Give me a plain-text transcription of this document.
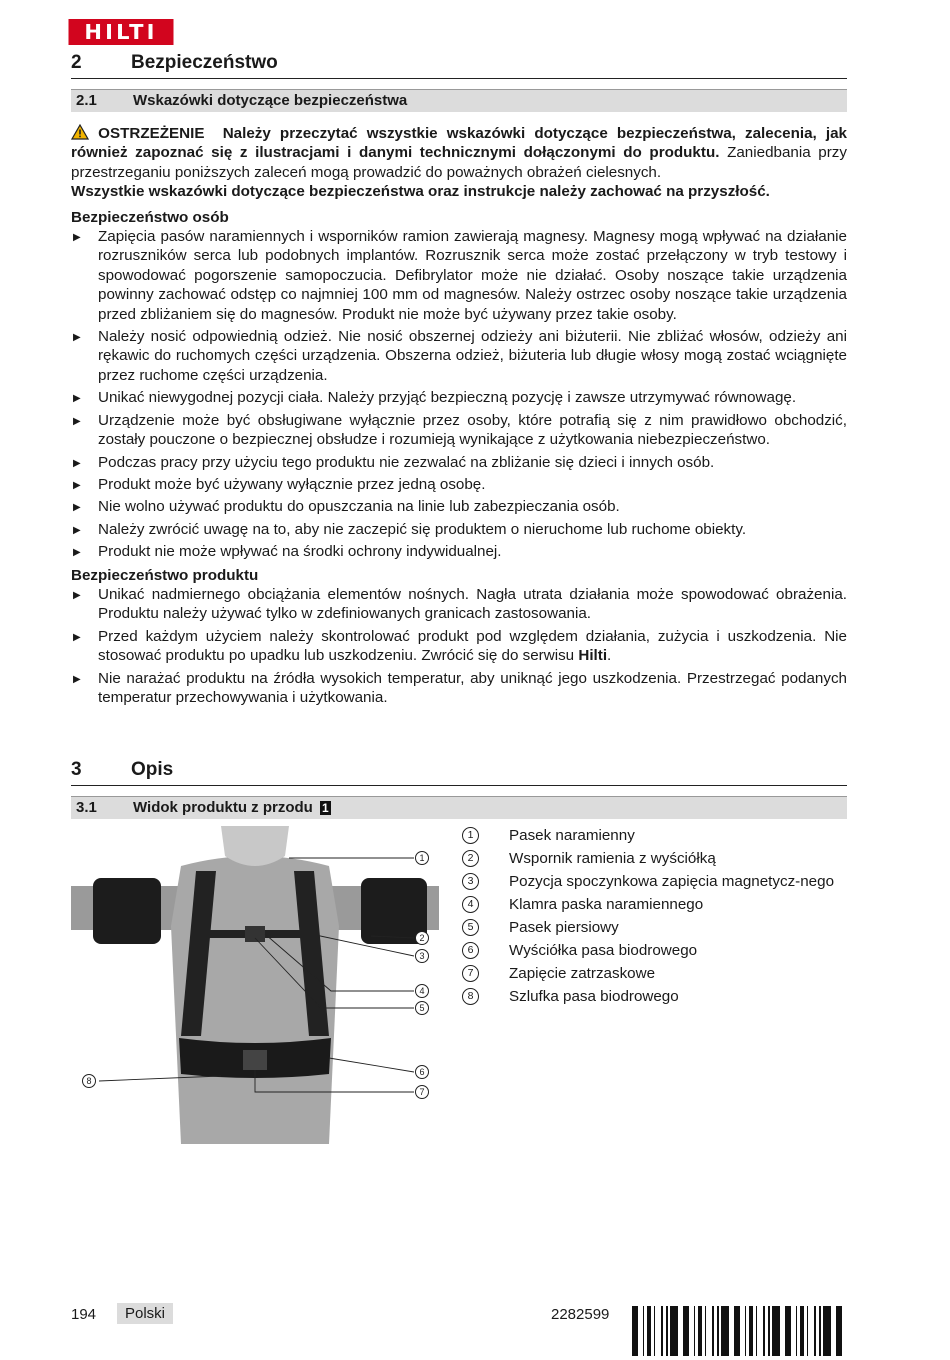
HILTI
2	Bezpieczeństwo
2.1 Wskazówki dotyczące bezpieczeństwa
OSTRZEŻENIE Należy przeczytać wszystkie wskazówki dotyczące bezpieczeństwa, zalecenia, jak również zapoznać się z ilustracjami i danymi technicznymi dołączonymi do produktu. Zaniedbania przy przestrzeganiu poniższych zaleceń mogą prowadzić do poważnych obrażeń cielesnych.
Wszystkie wskazówki dotyczące bezpieczeństwa oraz instrukcje należy zachować na przyszłość.
Bezpieczeństwo osób
▶ Zapięcia pasów naramiennych i wsporników ramion zawierają magnesy. Magnesy mogą wpływać na działanie rozruszników serca lub podobnych implantów. Rozrusznik serca może zostać przełączony w tryb testowy i spowodować pogorszenie samopoczucia. Defibrylator może nie działać. Osoby noszące takie urządzenia powinny zachować odstęp co najmniej 100 mm od magnesów. Należy ostrzec osoby noszące takie urządzenia przed zbliżaniem się do magnesów. Produkt nie może być używany przez takie osoby.
▶ Należy nosić odpowiednią odzież. Nie nosić obszernej odzieży ani biżuterii. Nie zbliżać włosów, odzieży ani rękawic do ruchomych części urządzenia. Obszerna odzież, biżuteria lub długie włosy mogą zostać wciągnięte przez ruchome części urządzenia.
▶ Unikać niewygodnej pozycji ciała. Należy przyjąć bezpieczną pozycję i zawsze utrzymywać równowagę.
▶ Urządzenie może być obsługiwane wyłącznie przez osoby, które potrafią się z nim prawidłowo obchodzić, zostały pouczone o bezpiecznej obsłudze i rozumieją wynikające z użytkowania niebezpieczeństwo.
▶ Podczas pracy przy użyciu tego produktu nie zezwalać na zbliżanie się dzieci i innych osób.
▶ Produkt może być używany wyłącznie przez jedną osobę.
▶ Nie wolno używać produktu do opuszczania na linie lub zabezpieczania osób.
▶ Należy zwrócić uwagę na to, aby nie zaczepić się produktem o nieruchome lub ruchome obiekty.
▶ Produkt nie może wpływać na środki ochrony indywidualnej.
Bezpieczeństwo produktu
▶ Unikać nadmiernego obciążania elementów nośnych. Nagła utrata działania może spowodować obrażenia. Produktu należy używać tylko w zdefiniowanych granicach zastosowania.
▶ Przed każdym użyciem należy skontrolować produkt pod względem działania, zużycia i uszkodzenia. Nie stosować produktu po upadku lub uszkodzeniu. Zwrócić się do serwisu Hilti.
▶ Nie narażać produktu na źródła wysokich temperatur, aby uniknąć jego uszkodzenia. Przestrzegać podanych temperatur przechowywania i użytkowania.
3	Opis
3.1 Widok produktu z przodu 1
1
2
3
4
5
6
7
8
1	Pasek naramienny
2	Wspornik ramienia z wyściółką
3	Pozycja spoczynkowa zapięcia magnetycz-nego
4	Klamra paska naramiennego
5	Pasek piersiowy
6	Wyściółka pasa biodrowego
7	Zapięcie zatrzaskowe
8	Szlufka pasa biodrowego
194	Polski	2282599
